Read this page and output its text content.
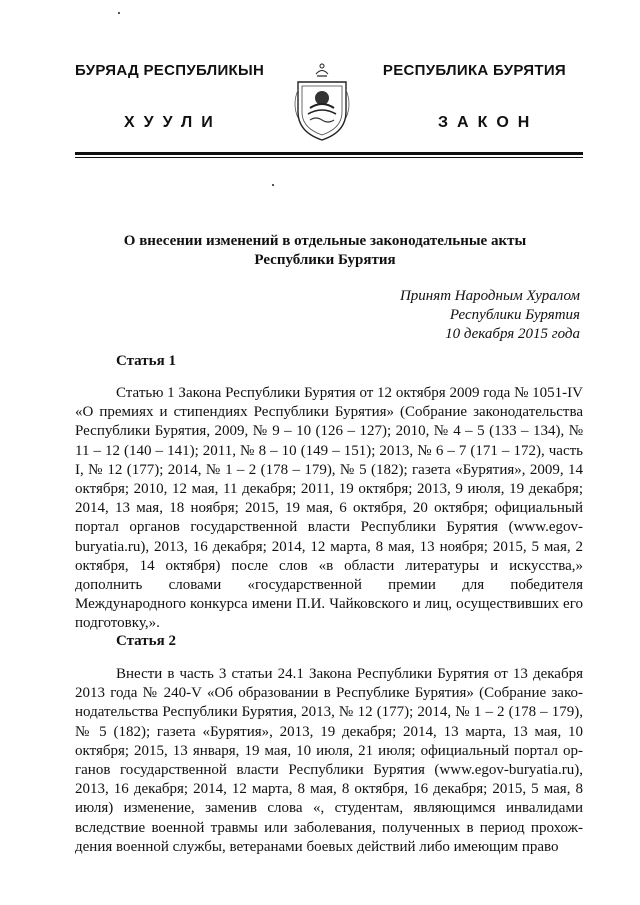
БУРЯАД РЕСПУБЛИКЫН	РЕСПУБЛИКА БУРЯТИЯ
ХУУЛИ	ЗАКОН
О внесении изменений в отдельные законодательные акты
Республики Бурятия
Принят Народным Хуралом
Республики Бурятия
10 декабря 2015 года
Статья 1
Статью 1 Закона Республики Бурятия от 12 октября 2009 года № 1051-IV «О премиях и стипендиях Республики Бурятия» (Собрание законодательства Республики Бурятия, 2009, № 9 – 10 (126 – 127); 2010, № 4 – 5 (133 – 134), № 11 – 12 (140 – 141); 2011, № 8 – 10 (149 – 151); 2013, № 6 – 7 (171 – 172), часть I, № 12 (177); 2014, № 1 – 2 (178 – 179), № 5 (182); газета «Бурятия», 2009, 14 октября; 2010, 12 мая, 11 декабря; 2011, 19 октября; 2013, 9 июля, 19 декабря; 2014, 13 мая, 18 ноября; 2015, 19 мая, 6 октября, 20 октября; официальный портал органов государственной власти Республики Бурятия (www.egov-buryatia.ru), 2013, 16 декабря; 2014, 12 марта, 8 мая, 13 ноября; 2015, 5 мая, 2 октября, 14 октября) после слов «в области литературы и искусства,» дополнить словами «государственной премии для победителя Международного конкурса имени П.И. Чайковского и лиц, осуществивших его подготовку,».
Статья 2
Внести в часть 3 статьи 24.1 Закона Республики Бурятия от 13 декабря 2013 года № 240-V «Об образовании в Республике Бурятия» (Собрание законодательства Республики Бурятия, 2013, № 12 (177); 2014, № 1 – 2 (178 – 179), № 5 (182); газета «Бурятия», 2013, 19 декабря; 2014, 13 марта, 13 мая, 10 октября; 2015, 13 января, 19 мая, 10 июля, 21 июля; официальный портал органов государственной власти Республики Бурятия (www.egov-buryatia.ru), 2013, 16 декабря; 2014, 12 марта, 8 мая, 8 октября, 16 декабря; 2015, 5 мая, 8 июля) изменение, заменив слова «, студентам, являющимся инвалидами вследствие военной травмы или заболевания, полученных в период прохождения военной службы, ветеранами боевых действий либо имеющим право
